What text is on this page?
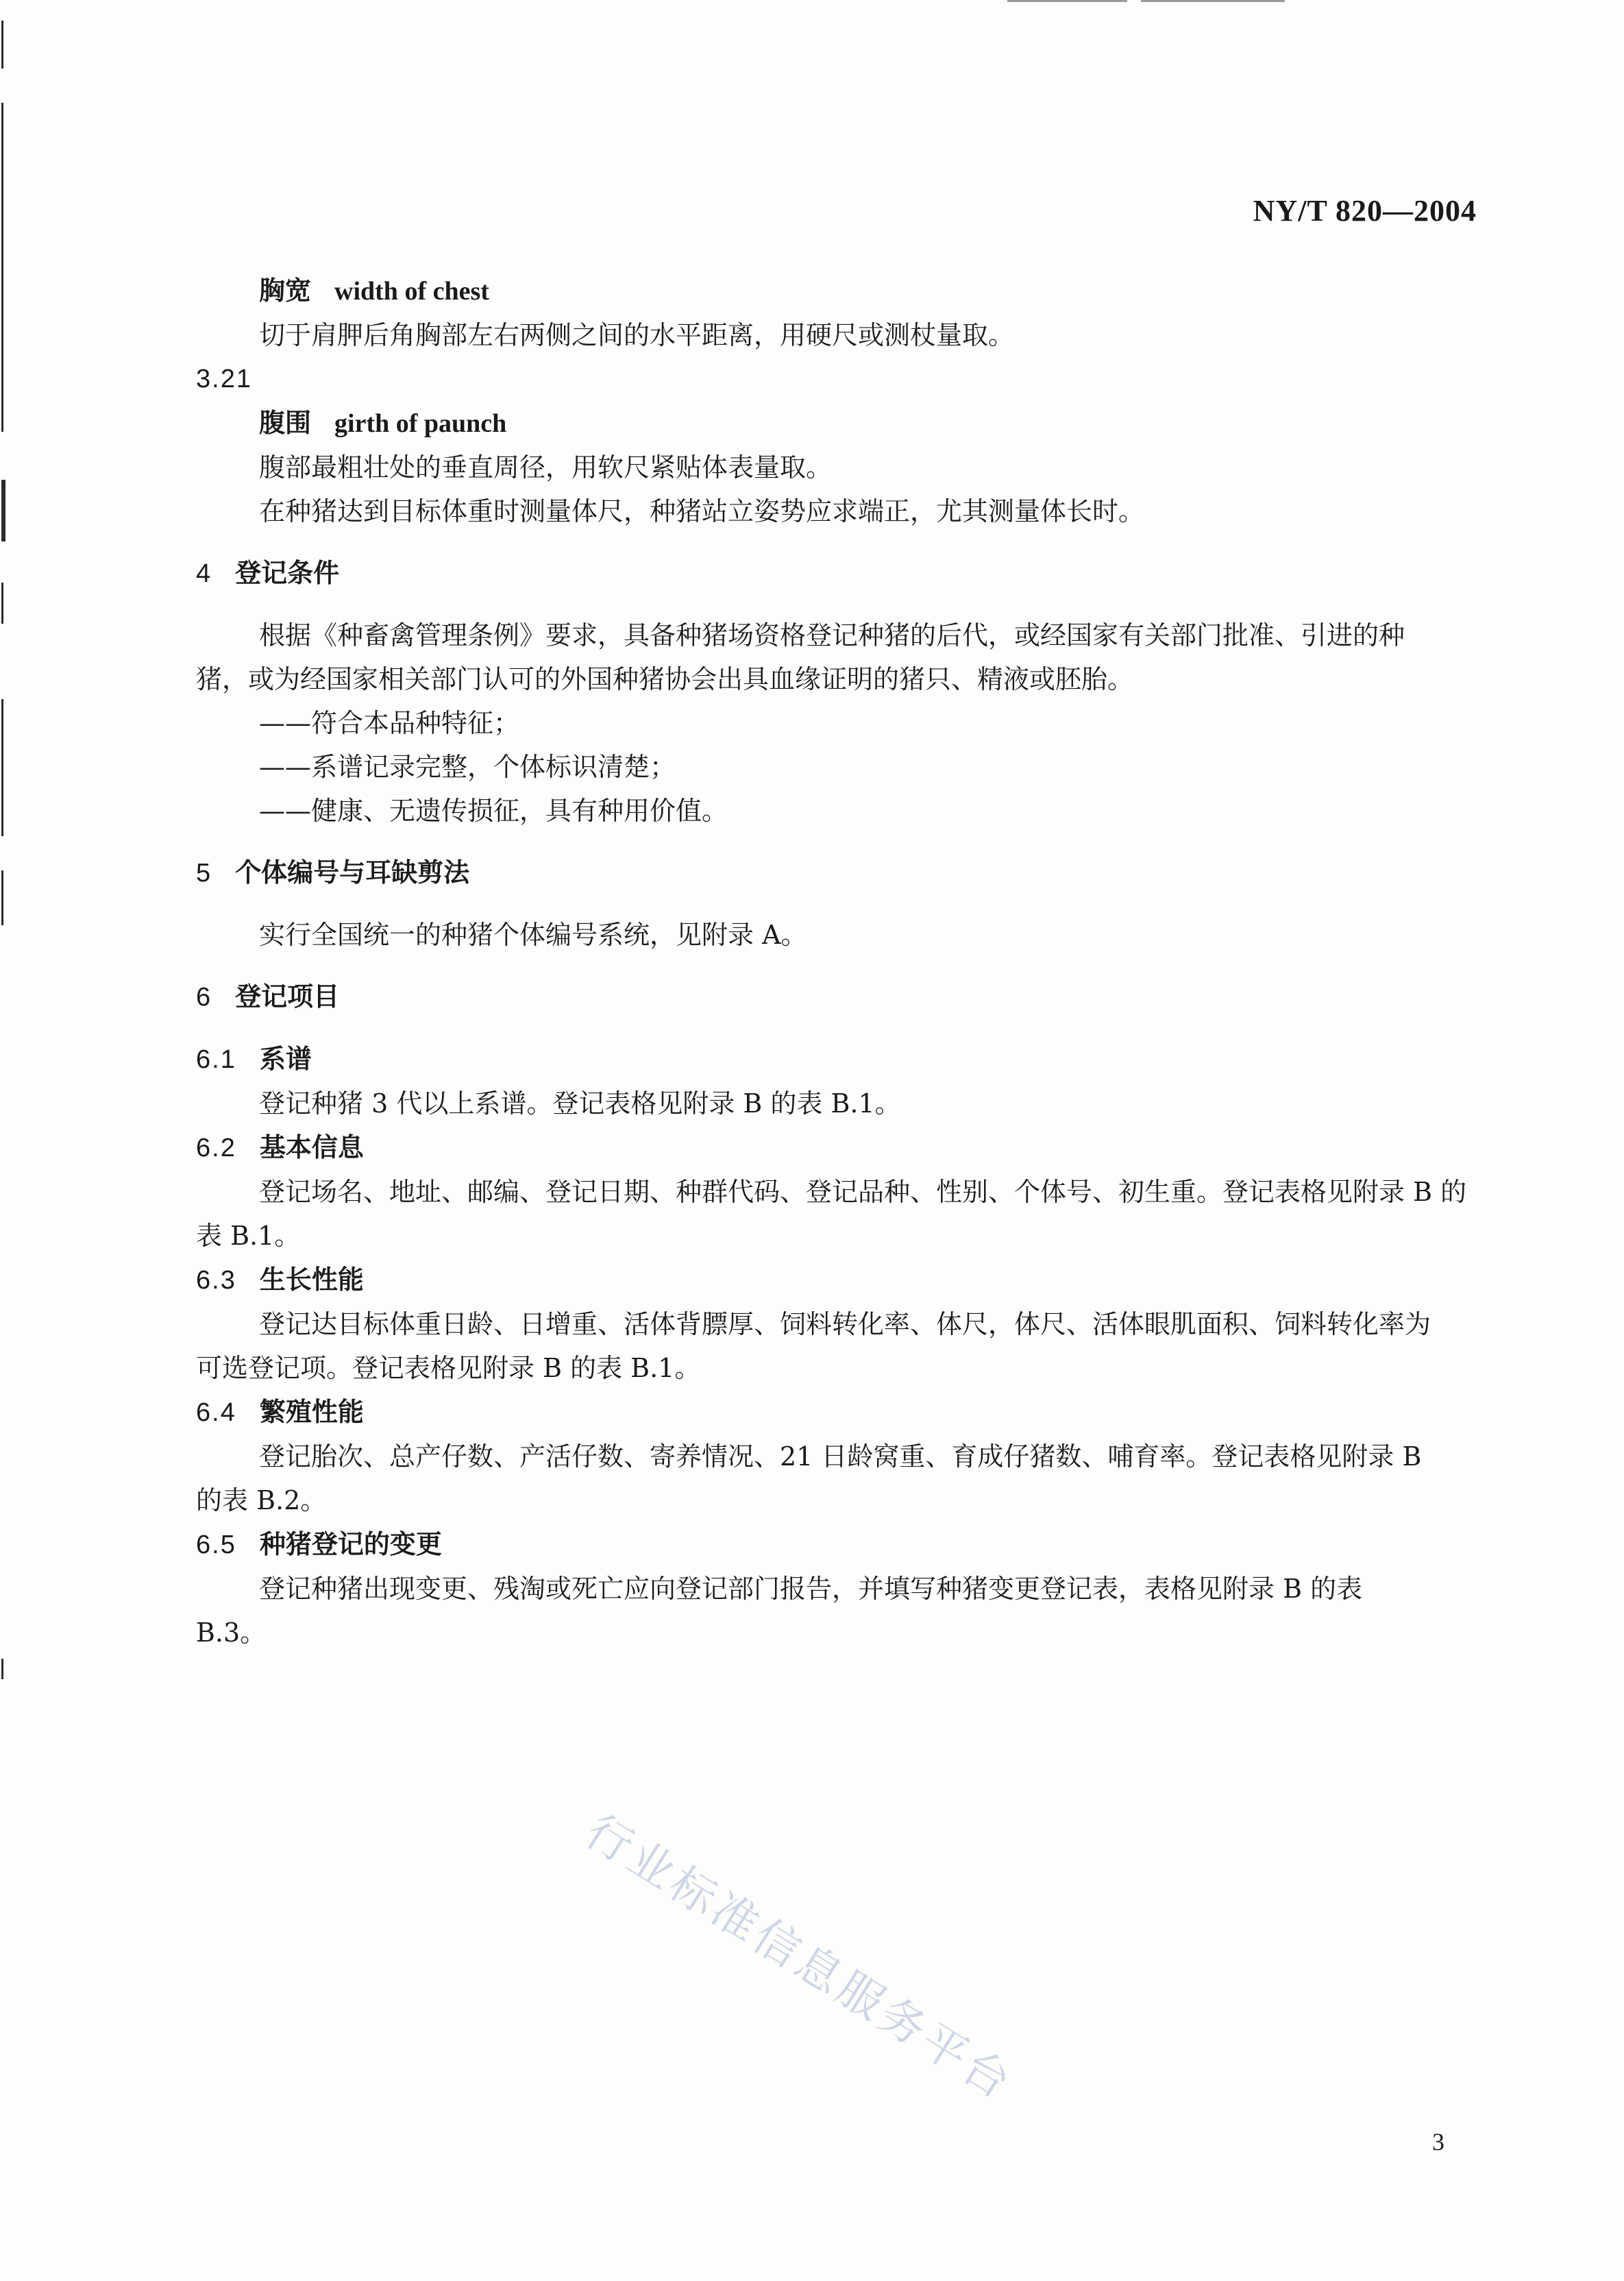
NY/T 820—2004
胸宽 width of chest
切于肩胛后角胸部左右两侧之间的水平距离，用硬尺或测杖量取。
3.21
腹围 girth of paunch
腹部最粗壮处的垂直周径，用软尺紧贴体表量取。
在种猪达到目标体重时测量体尺，种猪站立姿势应求端正，尤其测量体长时。
4 登记条件
根据《种畜禽管理条例》要求，具备种猪场资格登记种猪的后代，或经国家有关部门批准、引进的种
猪，或为经国家相关部门认可的外国种猪协会出具血缘证明的猪只、精液或胚胎。
——符合本品种特征；
——系谱记录完整，个体标识清楚；
——健康、无遗传损征，具有种用价值。
5 个体编号与耳缺剪法
实行全国统一的种猪个体编号系统，见附录 A。
6 登记项目
6.1 系谱
登记种猪 3 代以上系谱。登记表格见附录 B 的表 B.1。
6.2 基本信息
登记场名、地址、邮编、登记日期、种群代码、登记品种、性别、个体号、初生重。登记表格见附录 B 的
表 B.1。
6.3 生长性能
登记达目标体重日龄、日增重、活体背膘厚、饲料转化率、体尺，体尺、活体眼肌面积、饲料转化率为
可选登记项。登记表格见附录 B 的表 B.1。
6.4 繁殖性能
登记胎次、总产仔数、产活仔数、寄养情况、21 日龄窝重、育成仔猪数、哺育率。登记表格见附录 B
的表 B.2。
6.5 种猪登记的变更
登记种猪出现变更、残淘或死亡应向登记部门报告，并填写种猪变更登记表，表格见附录 B 的表
B.3。
行业标准信息服务平台
3
